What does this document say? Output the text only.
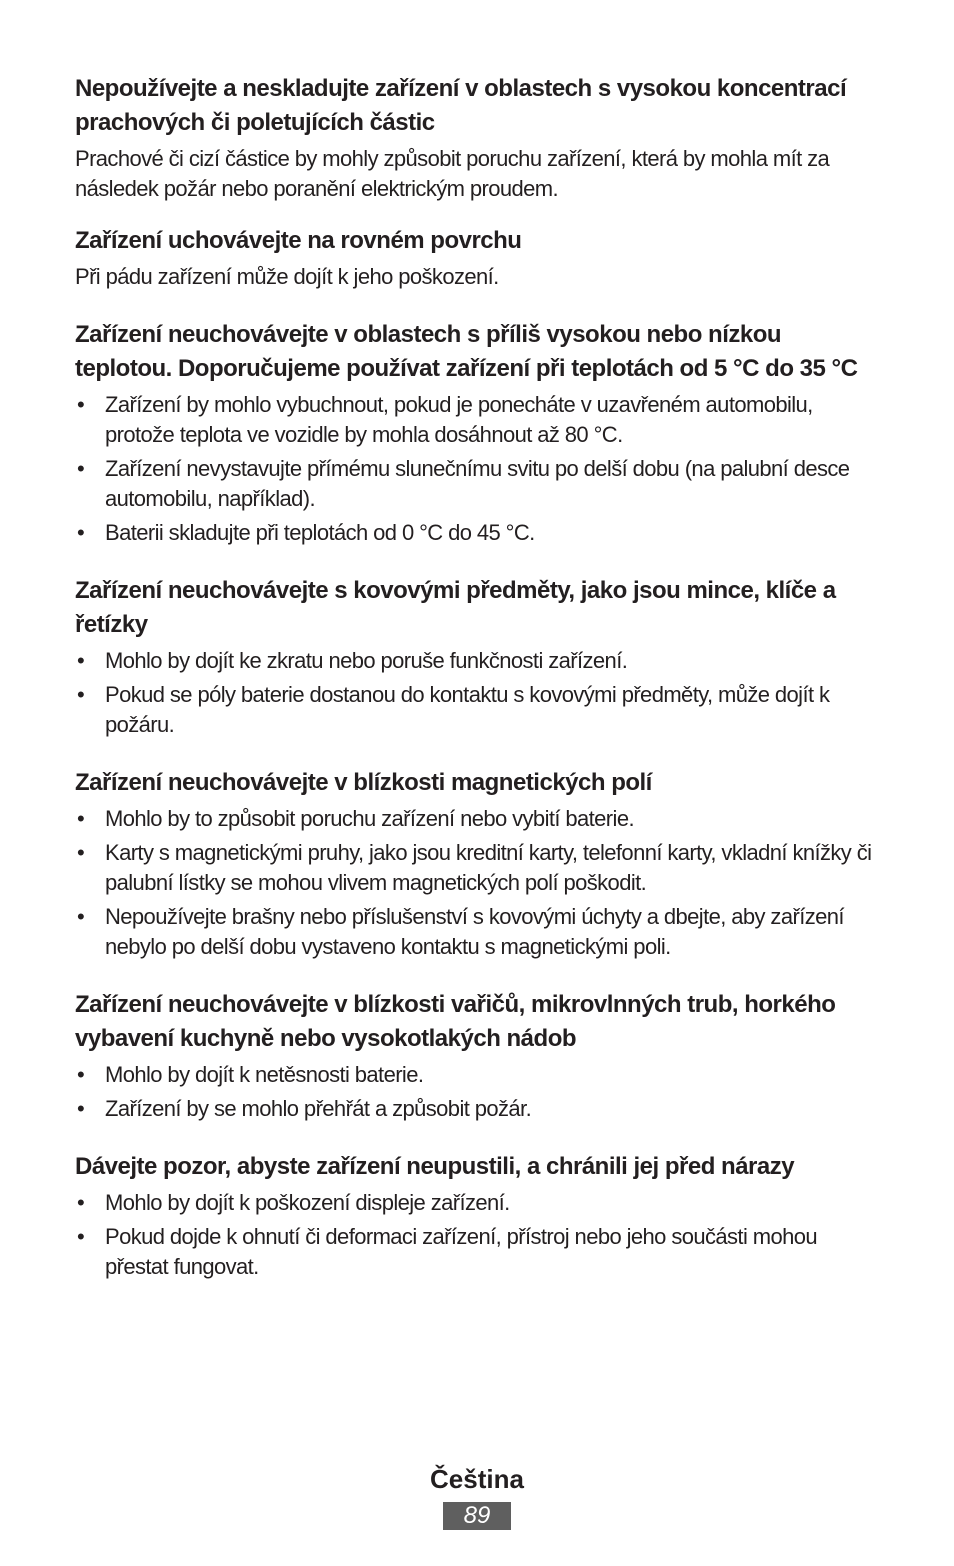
Nepoužívejte a neskladujte zařízení v oblastech s vysokou koncentrací prachových či poletujících částic

Prachové či cizí částice by mohly způsobit poruchu zařízení, která by mohla mít za následek požár nebo poranění elektrickým proudem.

Zařízení uchovávejte na rovném povrchu

Při pádu zařízení může dojít k jeho poškození.

Zařízení neuchovávejte v oblastech s příliš vysokou nebo nízkou teplotou. Doporučujeme používat zařízení při teplotách od 5 °C do 35 °C

• Zařízení by mohlo vybuchnout, pokud je ponecháte v uzavřeném automobilu, protože teplota ve vozidle by mohla dosáhnout až 80 °C.
• Zařízení nevystavujte přímému slunečnímu svitu po delší dobu (na palubní desce automobilu, například).
• Baterii skladujte při teplotách od 0 °C do 45 °C.

Zařízení neuchovávejte s kovovými předměty, jako jsou mince, klíče a řetízky

• Mohlo by dojít ke zkratu nebo poruše funkčnosti zařízení.
• Pokud se póly baterie dostanou do kontaktu s kovovými předměty, může dojít k požáru.

Zařízení neuchovávejte v blízkosti magnetických polí

• Mohlo by to způsobit poruchu zařízení nebo vybití baterie.
• Karty s magnetickými pruhy, jako jsou kreditní karty, telefonní karty, vkladní knížky či palubní lístky se mohou vlivem magnetických polí poškodit.
• Nepoužívejte brašny nebo příslušenství s kovovými úchyty a dbejte, aby zařízení nebylo po delší dobu vystaveno kontaktu s magnetickými poli.

Zařízení neuchovávejte v blízkosti vařičů, mikrovlnných trub, horkého vybavení kuchyně nebo vysokotlakých nádob

• Mohlo by dojít k netěsnosti baterie.
• Zařízení by se mohlo přehřát a způsobit požár.

Dávejte pozor, abyste zařízení neupustili, a chránili jej před nárazy

• Mohlo by dojít k poškození displeje zařízení.
• Pokud dojde k ohnutí či deformaci zařízení, přístroj nebo jeho součásti mohou přestat fungovat.
Čeština
89
